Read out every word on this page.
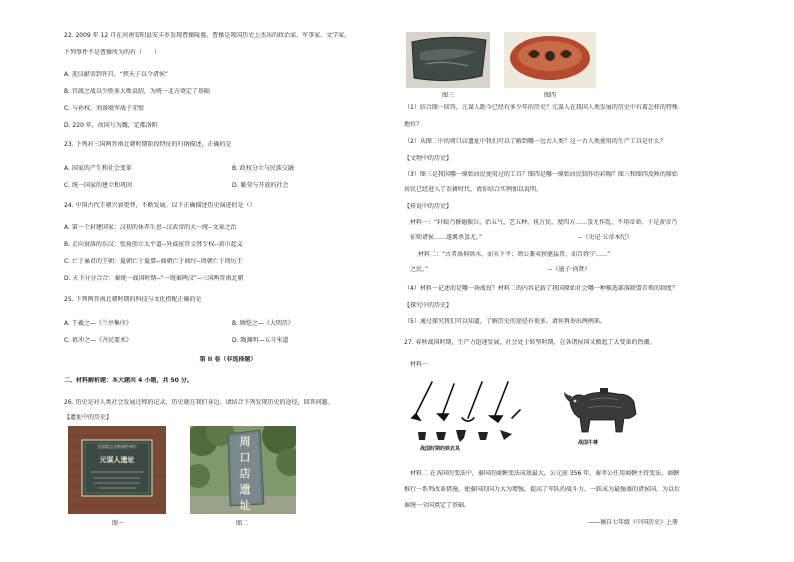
22. 2009 年 12 月在河南安阳县安丰乡发现曹操陵墓。曹操是我国历史上杰出的政治家、军事家、文学家。
下列事件不是曹操所为的有（　　）
A. 迎汉献帝到许昌，“挟天子以令诸侯”
B. 官渡之战以少胜多大败袁绍，为统一北方奠定了基础
C. 与孙权、刘备联军战于赤壁
D. 220 年，改国号为魏，定都洛阳
23. 下列对三国两晋南北朝时期阶段特征的归纳描述，正确的是
A. 国家的产生和社会变革	B. 政权分立与民族交融
C. 统一国家的建立和巩固	D. 繁荣与开放的社会
24. 中国古代王朝兴衰更替，不断发展。以下正确描述历史演进的是（）
A. 第一个封建国家：汉初的休养生息--汉武帝的大一统--文景之治
B. 走向衰落的东汉：张角创立太平道--外戚宦官交替专权--黄巾起义
C. 亡于暴君的王朝：夏朝亡于夏桀--商朝亡于商纣--周朝亡于周厉王
D. 天下分分合合：秦统一战国时期--“一统秦两汉”--三国两晋南北朝
25. 下列两晋南北朝时期的科技与文化搭配正确的是
A. 王羲之—《兰亭集序》	B. 顾恺之—《大明历》
C. 祖冲之—《齐民要术》	D. 陶渊明—五斗米道
第 II 卷（非选择题）
二、材料解析题：本大题共 4 小题，共 50 分。
26. 历史是对人类社会发展过程的记录，历史就在我们身边。请结合下列发现历史的途径，回答问题。
【遗址中的历史】
全国重点文物保护单位
元谋人遗址
图一
周口店遗址
图二
图三	图四
（1）结合图一回答，元谋人距今已经有多少年的历史？元谋人在我国人类发展的历史中有着怎样的特殊
地位？
（2）从图二中的周口店遗址中我们可以了解到哪一远古人类？这一古人类使用的生产工具是什么？
【文物中的历史】
（3）图三是我国哪一原始居民使用过的工具？图四是哪一原始居民制作的彩陶？图三和图四反映的原始
居民已经进入了农耕时代，请你结合实例加以说明。
【传说中的历史】
材料一：“轩辕乃修德振兵，治五气，艺五种，抚万民，度四方……蚩尤作乱，不用帝命。于是黄帝乃
征师诸侯……遂禽杀蚩尤。”　　　　　　　　　　　　　　　　--《史记·五帝本纪》
材料二：“古者禹抑洪水，而天下平；周公兼夷狄驱猛兽，而百姓宁……”
之民。”　　　　　　　　　　　　　　　　　　　　--《墨子·尚贤》
（4）材料一记述的是哪一场战役？材料二的内容记载了我国原始社会哪一种推选部落联盟首领的制度？
【探究中的历史】
（5）通过探究我们可以知道，了解历史的途径有很多，请你再举出两例来。
27. 春秋战国时期，生产力迅速发展，社会处于转型时期，在各诸侯国又掀起了大变革的热潮。
材料一
战国时期的铁农具
战国牛尊
材料二 在各国的变法中，秦国的商鞅变法成效最大，公元前 356 年，秦孝公任用商鞅主持变法，商鞅
推行一系列改革措施，使秦国的国力大为增强，提高了军队的战斗力，一跃成为最强盛的诸侯国，为以后
秦统一全国奠定了基础。
——摘自七年级《中国历史》上册
